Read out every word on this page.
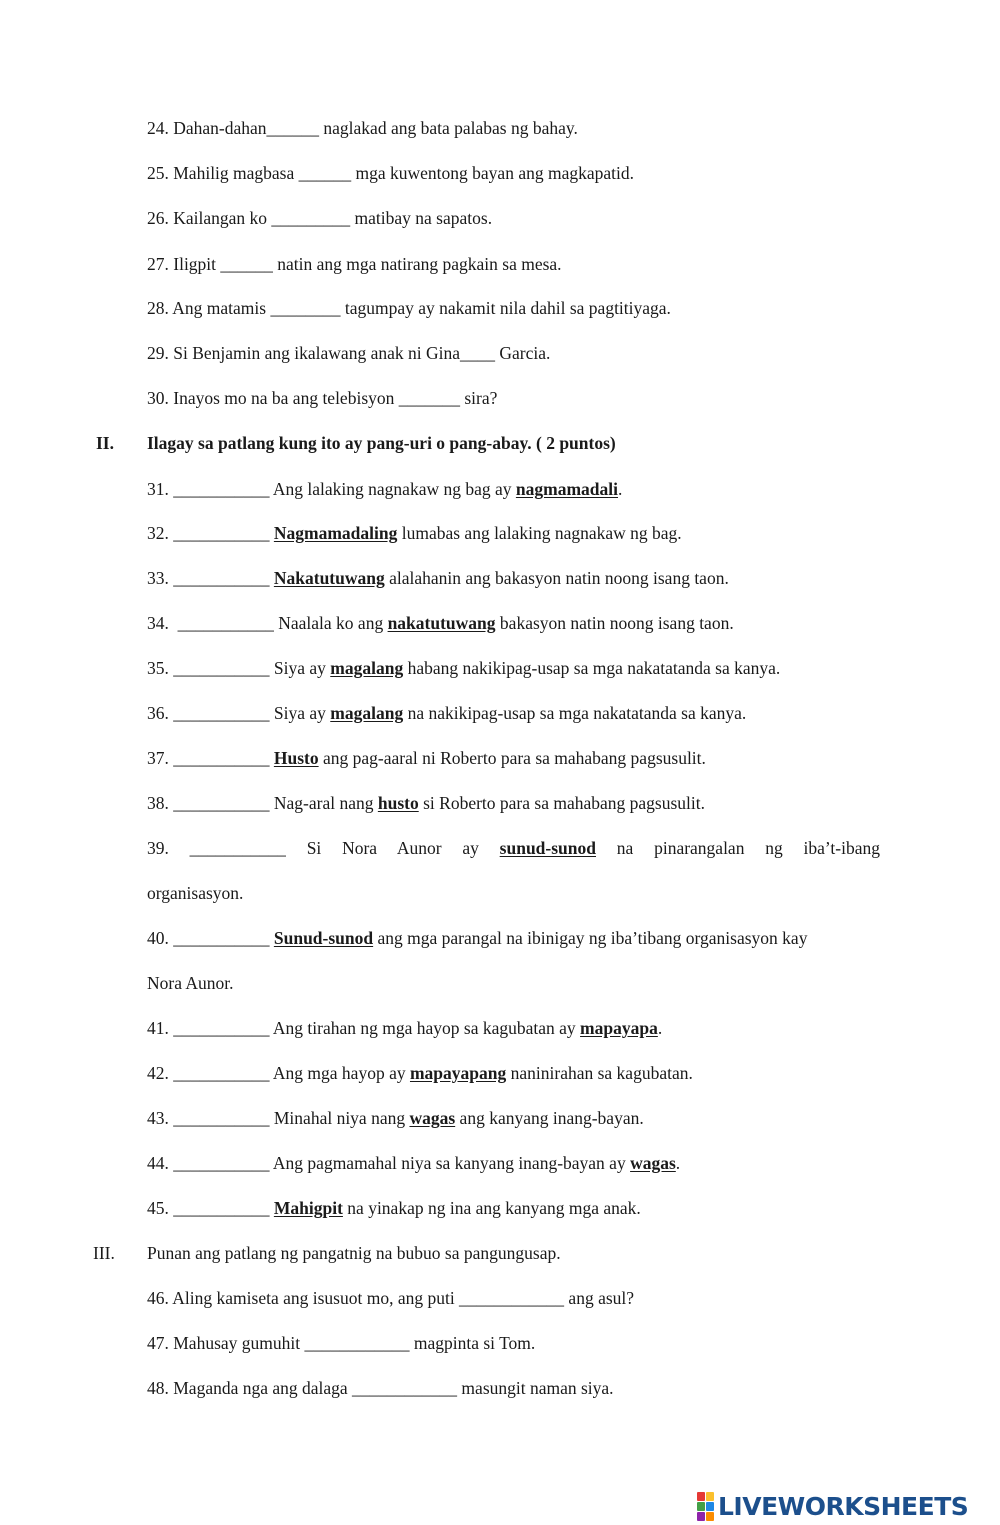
24. Dahan-dahan______ naglakad ang bata palabas ng bahay.

25. Mahilig magbasa ______ mga kuwentong bayan ang magkapatid.

26. Kailangan ko _________ matibay na sapatos.

27. Iligpit ______ natin ang mga natirang pagkain sa mesa.

28. Ang matamis ________ tagumpay ay nakamit nila dahil sa pagtitiyaga.

29. Si Benjamin ang ikalawang anak ni Gina____ Garcia.

30. Inayos mo na ba ang telebisyon _______ sira?

II. Ilagay sa patlang kung ito ay pang-uri o pang-abay. ( 2 puntos)

31. ___________ Ang lalaking nagnakaw ng bag ay nagmamadali.

32. ___________ Nagmamadaling lumabas ang lalaking nagnakaw ng bag.

33. ___________ Nakatutuwang alalahanin ang bakasyon natin noong isang taon.

34.  ___________ Naalala ko ang nakatutuwang bakasyon natin noong isang taon.

35. ___________ Siya ay magalang habang nakikipag-usap sa mga nakatatanda sa kanya.

36. ___________ Siya ay magalang na nakikipag-usap sa mga nakatatanda sa kanya.

37. ___________ Husto ang pag-aaral ni Roberto para sa mahabang pagsusulit.

38. ___________ Nag-aral nang husto si Roberto para sa mahabang pagsusulit.

39. ___________ Si Nora Aunor ay sunud-sunod na pinarangalan ng iba’t-ibang

organisasyon.

40. ___________ Sunud-sunod ang mga parangal na ibinigay ng iba’tibang organisasyon kay

Nora Aunor.

41. ___________ Ang tirahan ng mga hayop sa kagubatan ay mapayapa.

42. ___________ Ang mga hayop ay mapayapang naninirahan sa kagubatan.

43. ___________ Minahal niya nang wagas ang kanyang inang-bayan.

44. ___________ Ang pagmamahal niya sa kanyang inang-bayan ay wagas.

45. ___________ Mahigpit na yinakap ng ina ang kanyang mga anak.

III. Punan ang patlang ng pangatnig na bubuo sa pangungusap.

46. Aling kamiseta ang isusuot mo, ang puti ____________ ang asul?

47. Mahusay gumuhit ____________ magpinta si Tom.

48. Maganda nga ang dalaga ____________ masungit naman siya.

LIVEWORKSHEETS
